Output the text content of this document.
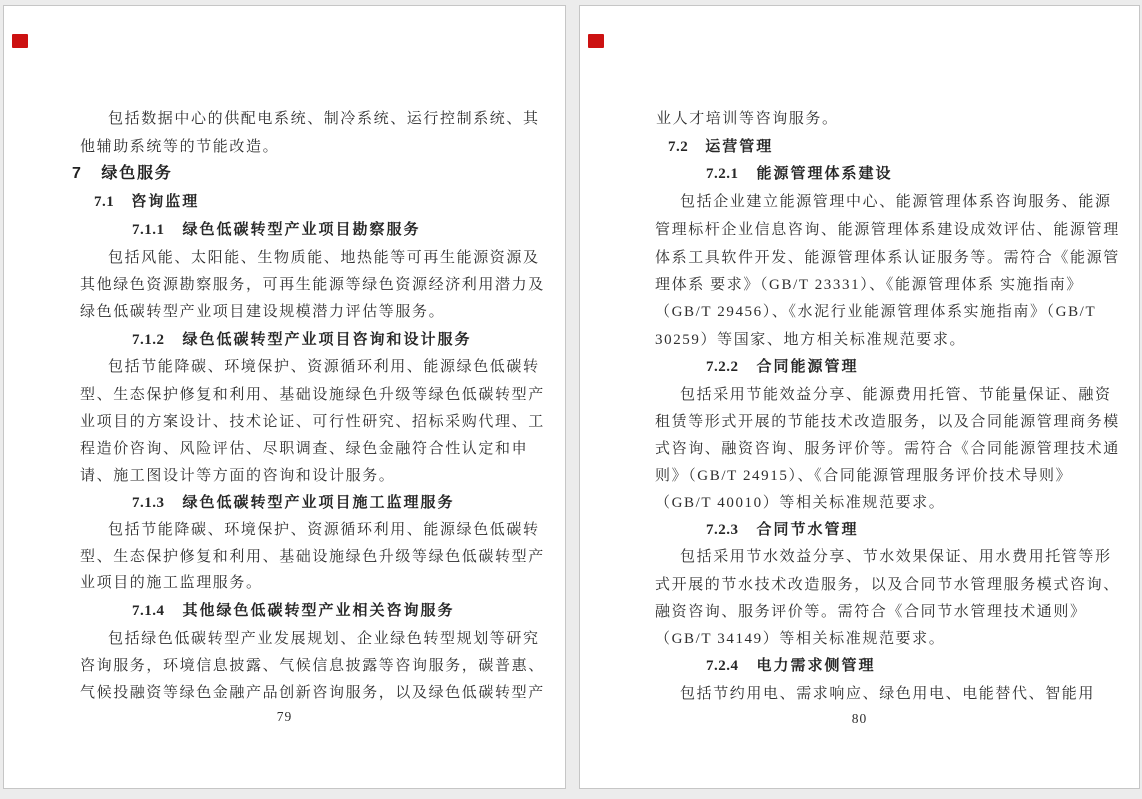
包括数据中心的供配电系统、制冷系统、运行控制系统、其
他辅助系统等的节能改造。
7 绿色服务
7.1 咨询监理
7.1.1 绿色低碳转型产业项目勘察服务
包括风能、太阳能、生物质能、地热能等可再生能源资源及
其他绿色资源勘察服务，可再生能源等绿色资源经济利用潜力及
绿色低碳转型产业项目建设规模潜力评估等服务。
7.1.2 绿色低碳转型产业项目咨询和设计服务
包括节能降碳、环境保护、资源循环利用、能源绿色低碳转
型、生态保护修复和利用、基础设施绿色升级等绿色低碳转型产
业项目的方案设计、技术论证、可行性研究、招标采购代理、工
程造价咨询、风险评估、尽职调查、绿色金融符合性认定和申
请、施工图设计等方面的咨询和设计服务。
7.1.3 绿色低碳转型产业项目施工监理服务
包括节能降碳、环境保护、资源循环利用、能源绿色低碳转
型、生态保护修复和利用、基础设施绿色升级等绿色低碳转型产
业项目的施工监理服务。
7.1.4 其他绿色低碳转型产业相关咨询服务
包括绿色低碳转型产业发展规划、企业绿色转型规划等研究
咨询服务，环境信息披露、气候信息披露等咨询服务，碳普惠、
气候投融资等绿色金融产品创新咨询服务，以及绿色低碳转型产
79
业人才培训等咨询服务。
7.2 运营管理
7.2.1 能源管理体系建设
包括企业建立能源管理中心、能源管理体系咨询服务、能源
管理标杆企业信息咨询、能源管理体系建设成效评估、能源管理
体系工具软件开发、能源管理体系认证服务等。需符合《能源管
理体系 要求》（GB/T 23331）、《能源管理体系 实施指南》
（GB/T 29456）、《水泥行业能源管理体系实施指南》（GB/T
30259）等国家、地方相关标准规范要求。
7.2.2 合同能源管理
包括采用节能效益分享、能源费用托管、节能量保证、融资
租赁等形式开展的节能技术改造服务，以及合同能源管理商务模
式咨询、融资咨询、服务评价等。需符合《合同能源管理技术通
则》（GB/T 24915）、《合同能源管理服务评价技术导则》
（GB/T 40010）等相关标准规范要求。
7.2.3 合同节水管理
包括采用节水效益分享、节水效果保证、用水费用托管等形
式开展的节水技术改造服务，以及合同节水管理服务模式咨询、
融资咨询、服务评价等。需符合《合同节水管理技术通则》
（GB/T 34149）等相关标准规范要求。
7.2.4 电力需求侧管理
包括节约用电、需求响应、绿色用电、电能替代、智能用
80
